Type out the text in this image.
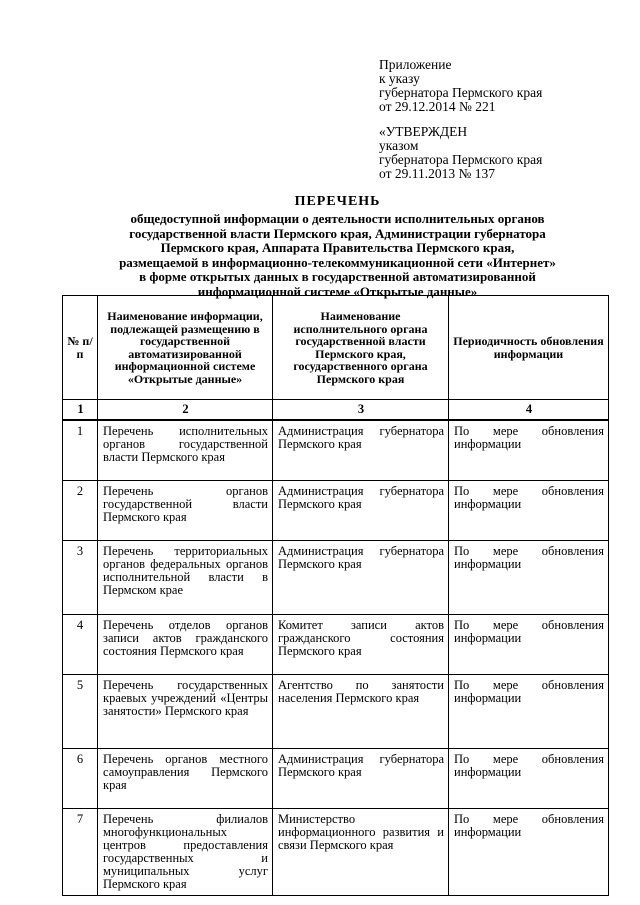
Приложение
к указу
губернатора Пермского края
от 29.12.2014 № 221
«УТВЕРЖДЕН
указом
губернатора Пермского края
от 29.11.2013 № 137
ПЕРЕЧЕНЬ
общедоступной информации о деятельности исполнительных органов
государственной власти Пермского края, Администрации губернатора
Пермского края, Аппарата Правительства Пермского края,
размещаемой в информационно-телекоммуникационной сети «Интернет»
в форме открытых данных в государственной автоматизированной
информационной системе «Открытые данные»
№ п/п	Наименование информации, подлежащей размещению в государственной автоматизированной информационной системе «Открытые данные»	Наименование исполнительного органа государственной власти Пермского края, государственного органа Пермского края	Периодичность обновления информации
1	2	3	4
1	Перечень исполнительных органов государственной власти Пермского края	Администрация губернатора Пермского края	По мере обновления информации
2	Перечень органов государственной власти Пермского края	Администрация губернатора Пермского края	По мере обновления информации
3	Перечень территориальных органов федеральных органов исполнительной власти в Пермском крае	Администрация губернатора Пермского края	По мере обновления информации
4	Перечень отделов органов записи актов гражданского состояния Пермского края	Комитет записи актов гражданского состояния Пермского края	По мере обновления информации
5	Перечень государственных краевых учреждений «Центры занятости» Пермского края	Агентство по занятости населения Пермского края	По мере обновления информации
6	Перечень органов местного самоуправления Пермского края	Администрация губернатора Пермского края	По мере обновления информации
7	Перечень филиалов многофункциональных центров предоставления государственных и муниципальных услуг Пермского края	Министерство информационного развития и связи Пермского края	По мере обновления информации
